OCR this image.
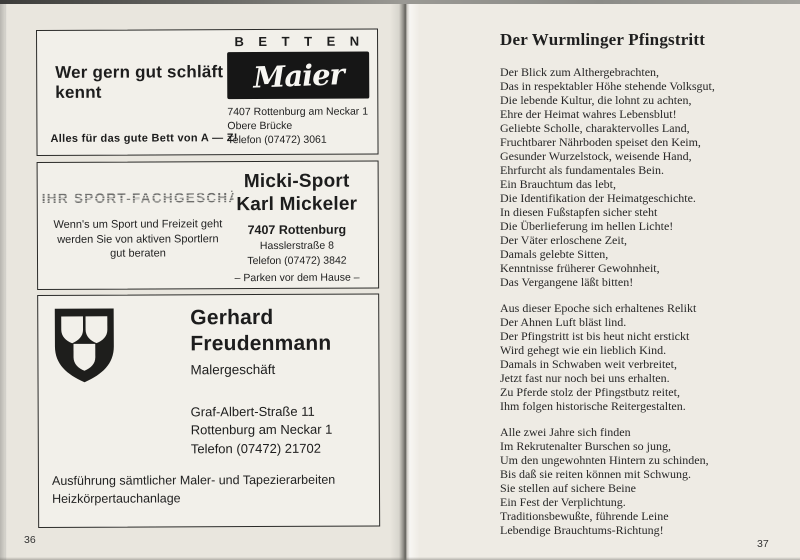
Wer gern gut schläft kennt
Alles für das gute Bett von A — Z!
B E T T E N
Maier
7407 Rottenburg am Neckar 1
Obere Brücke
Telefon (07472) 3061
IHR SPORT-FACHGESCHÄFT
Wenn's um Sport und Freizeit geht
werden Sie von aktiven Sportlern
gut beraten
Micki-Sport
Karl Mickeler
7407 Rottenburg
Hasslerstraße 8
Telefon (07472) 3842
– Parken vor dem Hause –
Gerhard
Freudenmann
Malergeschäft
Graf-Albert-Straße 11
Rottenburg am Neckar 1
Telefon (07472) 21702
Ausführung sämtlicher Maler- und Tapezierarbeiten
Heizkörpertauchanlage
36
Der Wurmlinger Pfingstritt
Der Blick zum Althergebrachten,
Das in respektabler Höhe stehende Volksgut,
Die lebende Kultur, die lohnt zu achten,
Ehre der Heimat wahres Lebensblut!
Geliebte Scholle, charaktervolles Land,
Fruchtbarer Nährboden speiset den Keim,
Gesunder Wurzelstock, weisende Hand,
Ehrfurcht als fundamentales Bein.
Ein Brauchtum das lebt,
Die Identifikation der Heimatgeschichte.
In diesen Fußstapfen sicher steht
Die Überlieferung im hellen Lichte!
Der Väter erloschene Zeit,
Damals gelebte Sitten,
Kenntnisse früherer Gewohnheit,
Das Vergangene läßt bitten!
Aus dieser Epoche sich erhaltenes Relikt
Der Ahnen Luft bläst lind.
Der Pfingstritt ist bis heut nicht erstickt
Wird gehegt wie ein lieblich Kind.
Damals in Schwaben weit verbreitet,
Jetzt fast nur noch bei uns erhalten.
Zu Pferde stolz der Pfingstbutz reitet,
Ihm folgen historische Reitergestalten.
Alle zwei Jahre sich finden
Im Rekrutenalter Burschen so jung,
Um den ungewohnten Hintern zu schinden,
Bis daß sie reiten können mit Schwung.
Sie stellen auf sichere Beine
Ein Fest der Verplichtung.
Traditionsbewußte, führende Leine
Lebendige Brauchtums-Richtung!
37
